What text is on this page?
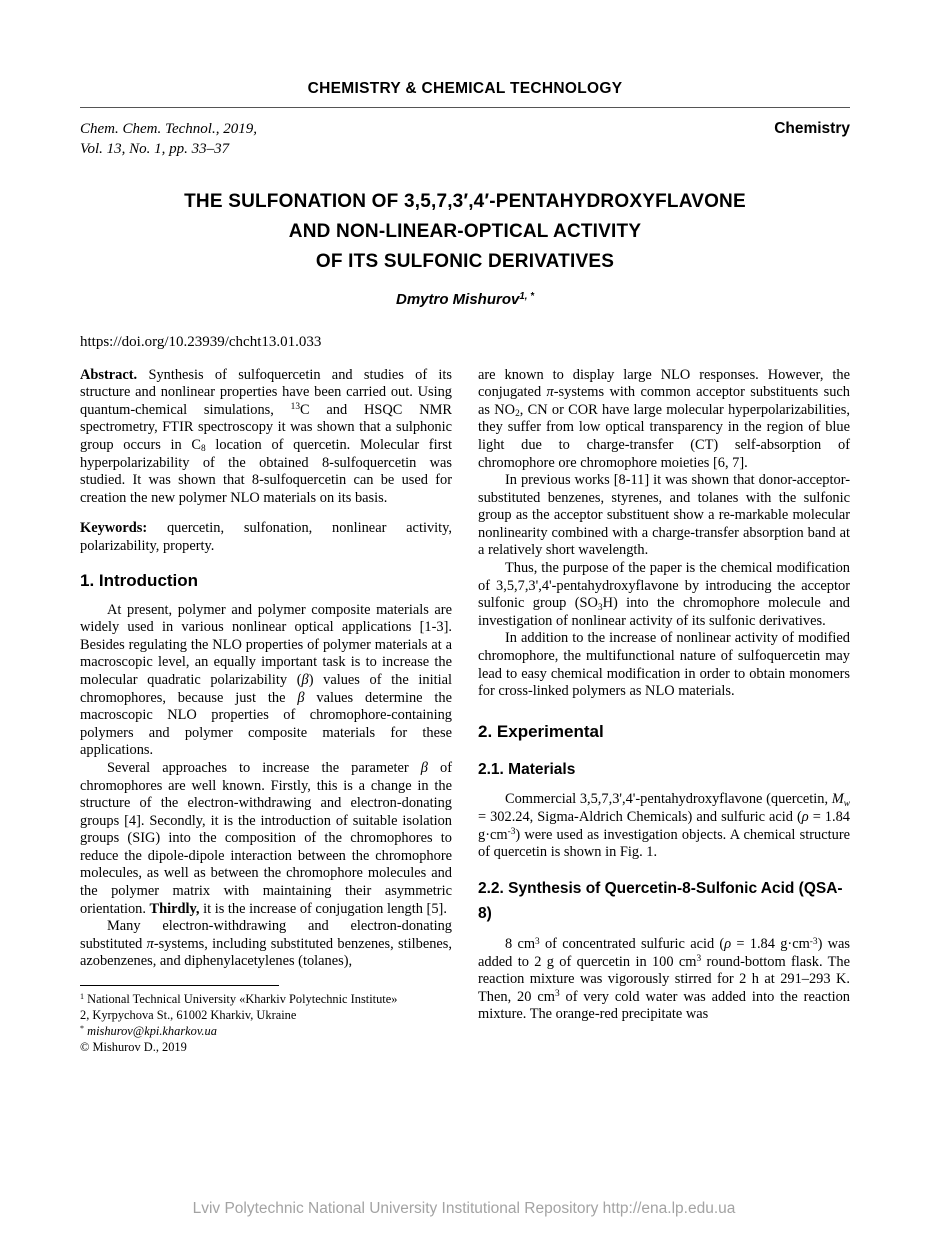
CHEMISTRY & CHEMICAL TECHNOLOGY
Chem. Chem. Technol., 2019,
Vol. 13, No. 1, pp. 33–37
Chemistry
THE SULFONATION OF 3,5,7,3′,4′-PENTAHYDROXYFLAVONE
AND NON-LINEAR-OPTICAL ACTIVITY
OF ITS SULFONIC DERIVATIVES
Dmytro Mishurov$^{1, *}$
https://doi.org/10.23939/chcht13.01.033

Abstract. Synthesis of sulfoquercetin and studies of its structure and nonlinear properties have been carried out. Using quantum-chemical simulations, $^{13}$C and HSQC NMR spectrometry, FTIR spectroscopy it was shown that a sulphonic group occurs in $C_8$ location of quercetin. Molecular first hyperpolarizability of the obtained 8-sulfoquercetin was studied. It was shown that 8-sulfoquercetin can be used for creation the new polymer NLO materials on its basis.

Keywords: quercetin, sulfonation, nonlinear activity, polarizability, property.

1. Introduction

At present, polymer and polymer composite materials are widely used in various nonlinear optical applications [1-3]. Besides regulating the NLO properties of polymer materials at a macroscopic level, an equally important task is to increase the molecular quadratic polarizability (β) values of the initial chromophores, because just the β values determine the macroscopic NLO properties of chromophore-containing polymers and polymer composite materials for these applications.

Several approaches to increase the parameter β of chromophores are well known. Firstly, this is a change in the structure of the electron-withdrawing and electron-donating groups [4]. Secondly, it is the introduction of suitable isolation groups (SIG) into the composition of the chromophores to reduce the dipole-dipole interaction between the chromophore molecules, as well as between the chromophore molecules and the polymer matrix with maintaining their asymmetric orientation. Thirdly, it is the increase of conjugation length [5].

Many electron-withdrawing and electron-donating substituted π-systems, including substituted benzenes, stilbenes, azobenzenes, and diphenylacetylenes (tolanes),

$^1$ National Technical University «Kharkiv Polytechnic Institute»
2, Kyrpychova St., 61002 Kharkiv, Ukraine
* mishurov@kpi.kharkov.ua
© Mishurov D., 2019

are known to display large NLO responses. However, the conjugated π-systems with common acceptor substituents such as $NO_2$, CN or COR have large molecular hyperpolarizabilities, they suffer from low optical transparency in the region of blue light due to charge-transfer (CT) self-absorption of chromophore ore chromophore moieties [6, 7].

In previous works [8-11] it was shown that donor-acceptor-substituted benzenes, styrenes, and tolanes with the sulfonic group as the acceptor substituent show a re-markable molecular nonlinearity combined with a charge-transfer absorption band at a relatively short wavelength.

Thus, the purpose of the paper is the chemical modification of 3,5,7,3',4'-pentahydroxyflavone by introducing the acceptor sulfonic group $(SO_3H)$ into the chromophore molecule and investigation of nonlinear activity of its sulfonic derivatives.

In addition to the increase of nonlinear activity of modified chromophore, the multifunctional nature of sulfoquercetin may lead to easy chemical modification in order to obtain monomers for cross-linked polymers as NLO materials.

2. Experimental
2.1. Materials

Commercial 3,5,7,3',4'-pentahydroxyflavone (quercetin, $M_w = 302.24$, Sigma-Aldrich Chemicals) and sulfuric acid (ρ = 1.84 $g\cdot cm^{-3}$) were used as investigation objects. A chemical structure of quercetin is shown in Fig. 1.

2.2. Synthesis of Quercetin-8-Sulfonic Acid (QSA-8)

8 $cm^3$ of concentrated sulfuric acid (ρ = 1.84 $g\cdot cm^{-3}$) was added to 2 g of quercetin in 100 $cm^3$ round-bottom flask. The reaction mixture was vigorously stirred for 2 h at 291–293 K. Then, 20 $cm^3$ of very cold water was added into the reaction mixture. The orange-red precipitate was

Lviv Polytechnic National University Institutional Repository http://ena.lp.edu.ua
